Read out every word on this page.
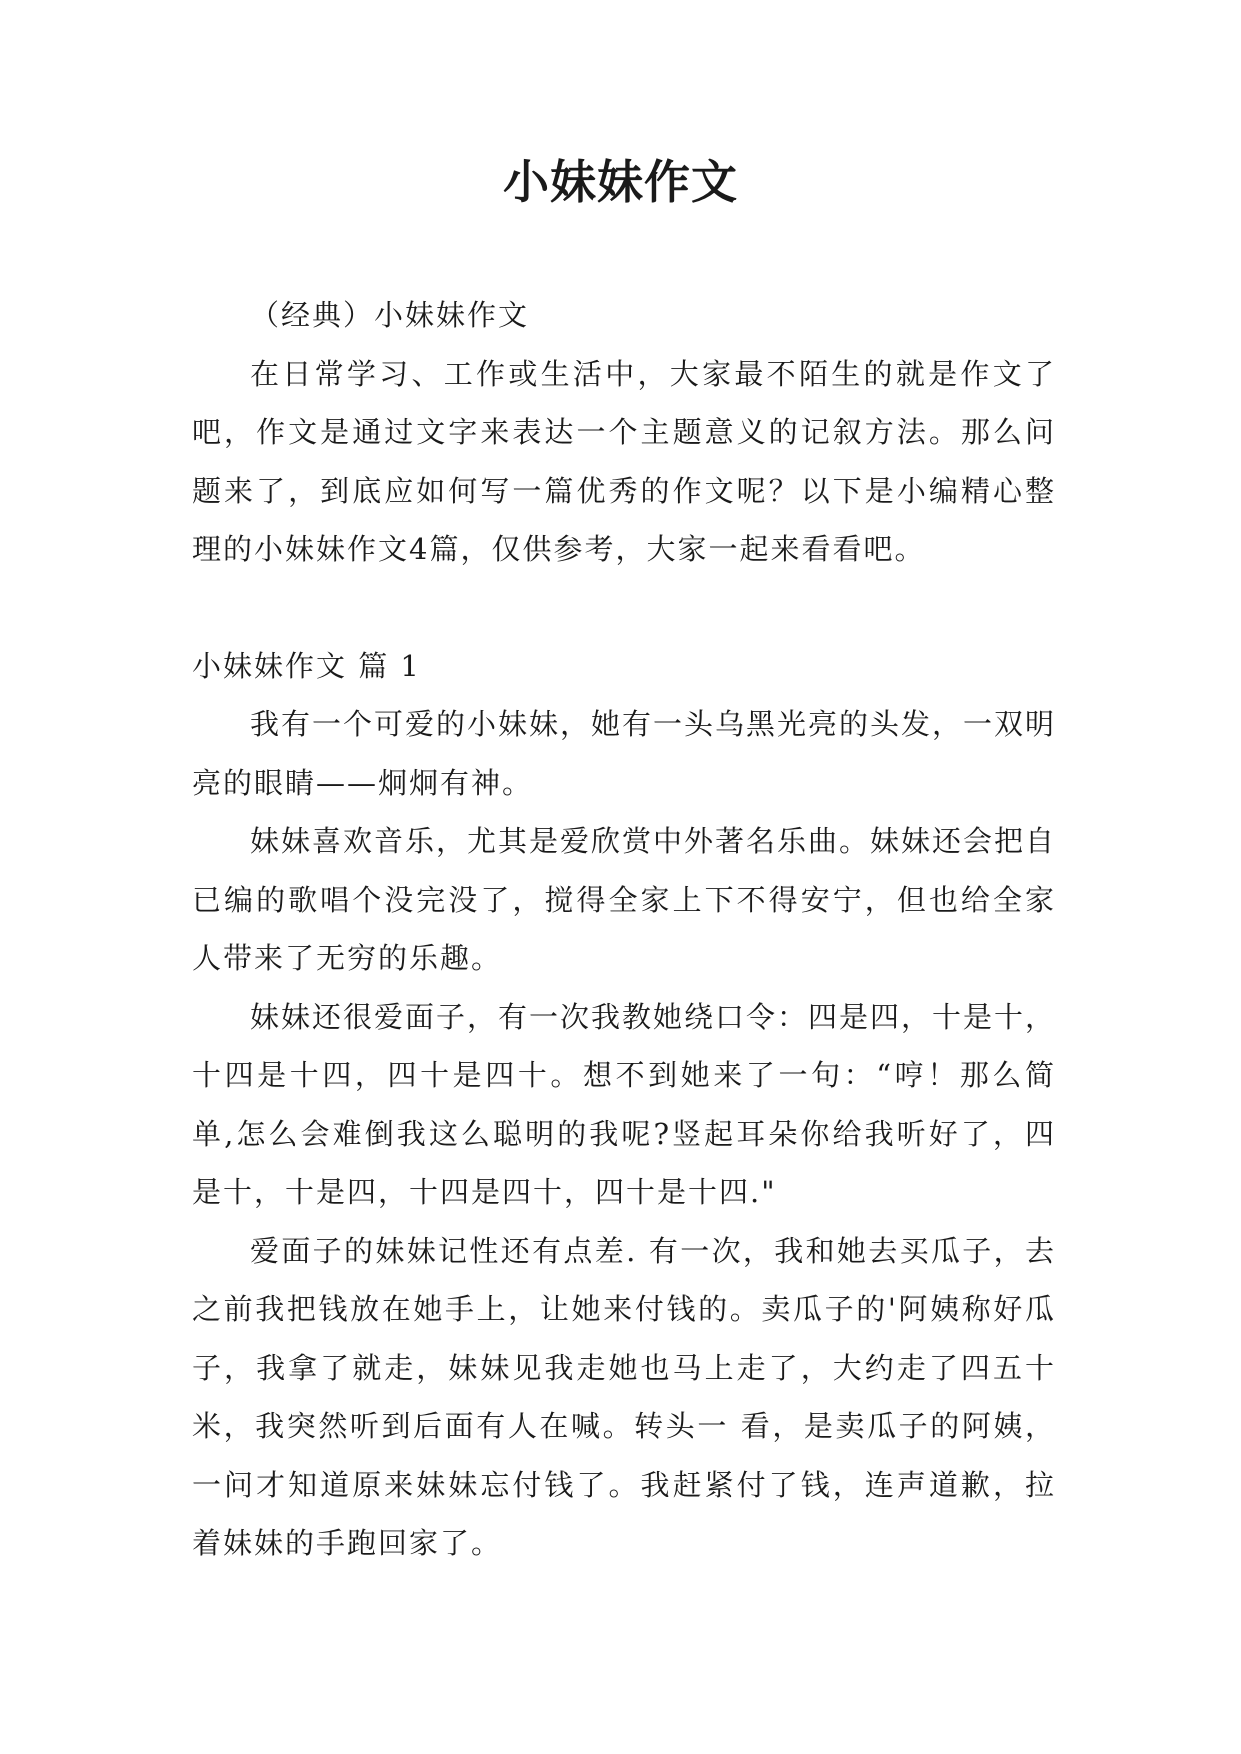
小妹妹作文

（经典）小妹妹作文

在日常学习、工作或生活中，大家最不陌生的就是作文了吧，作文是通过文字来表达一个主题意义的记叙方法。那么问题来了，到底应如何写一篇优秀的作文呢？以下是小编精心整理的小妹妹作文4篇，仅供参考，大家一起来看看吧。

小妹妹作文 篇 1

我有一个可爱的小妹妹，她有一头乌黑光亮的头发，一双明亮的眼睛——炯炯有神。

妹妹喜欢音乐，尤其是爱欣赏中外著名乐曲。妹妹还会把自已编的歌唱个没完没了，搅得全家上下不得安宁，但也给全家人带来了无穷的乐趣。

妹妹还很爱面子，有一次我教她绕口令：四是四，十是十，十四是十四，四十是四十。想不到她来了一句：“哼！那么简单,怎么会难倒我这么聪明的我呢?竖起耳朵你给我听好了，四是十，十是四，十四是四十，四十是十四."

爱面子的妹妹记性还有点差. 有一次，我和她去买瓜子，去之前我把钱放在她手上，让她来付钱的。卖瓜子的'阿姨称好瓜子，我拿了就走，妹妹见我走她也马上走了，大约走了四五十米，我突然听到后面有人在喊。转头一 看，是卖瓜子的阿姨，一问才知道原来妹妹忘付钱了。我赶紧付了钱，连声道歉，拉着妹妹的手跑回家了。
